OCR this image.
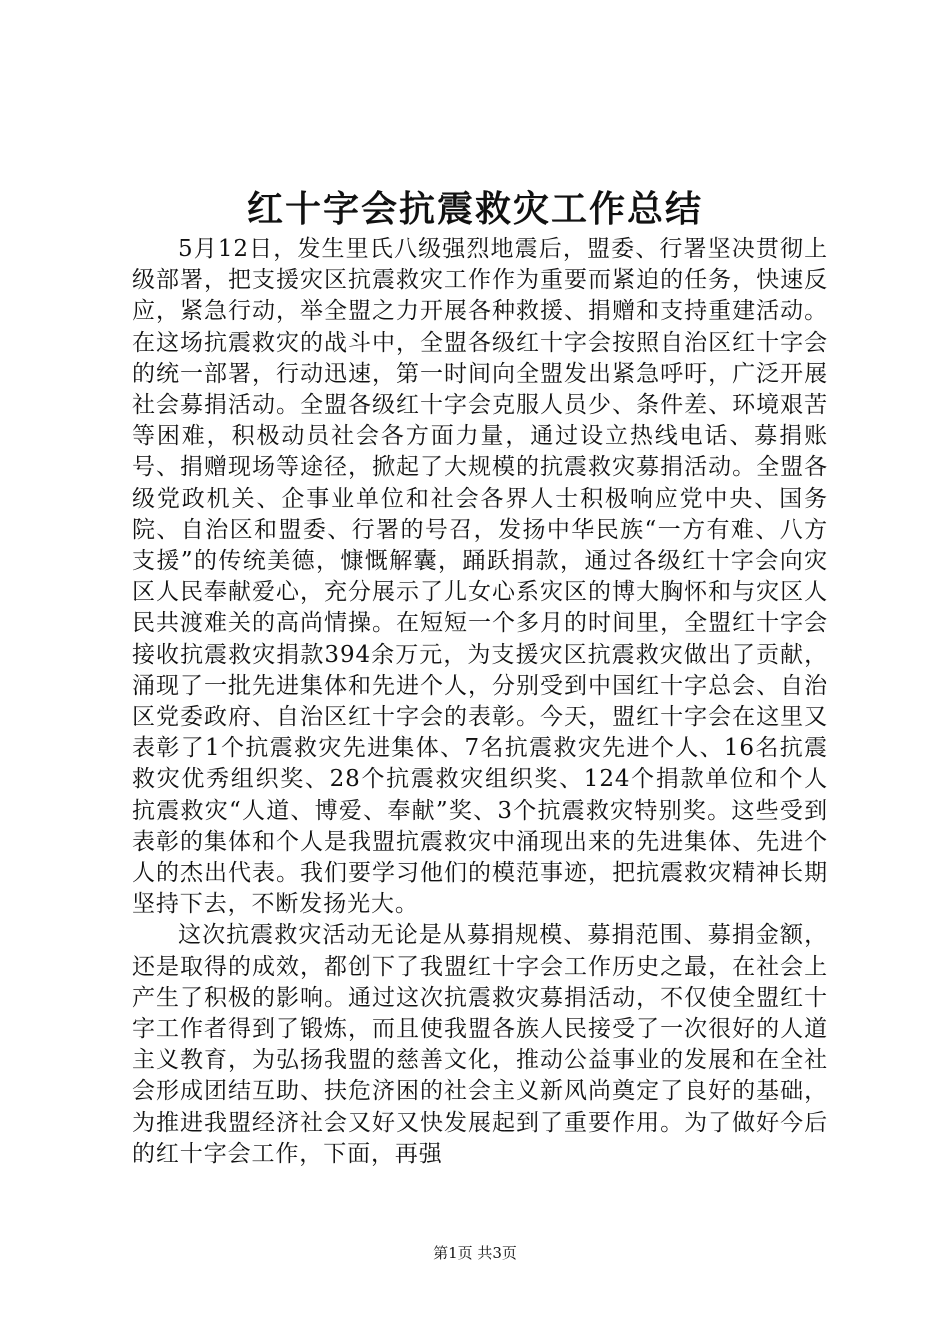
红十字会抗震救灾工作总结

5月12日，发生里氏八级强烈地震后，盟委、行署坚决贯彻上级部署，把支援灾区抗震救灾工作作为重要而紧迫的任务，快速反应，紧急行动，举全盟之力开展各种救援、捐赠和支持重建活动。在这场抗震救灾的战斗中，全盟各级红十字会按照自治区红十字会的统一部署，行动迅速，第一时间向全盟发出紧急呼吁，广泛开展社会募捐活动。全盟各级红十字会克服人员少、条件差、环境艰苦等困难，积极动员社会各方面力量，通过设立热线电话、募捐账号、捐赠现场等途径，掀起了大规模的抗震救灾募捐活动。全盟各级党政机关、企事业单位和社会各界人士积极响应党中央、国务院、自治区和盟委、行署的号召，发扬中华民族“一方有难、八方支援”的传统美德，慷慨解囊，踊跃捐款，通过各级红十字会向灾区人民奉献爱心，充分展示了儿女心系灾区的博大胸怀和与灾区人民共渡难关的高尚情操。在短短一个多月的时间里，全盟红十字会接收抗震救灾捐款394余万元，为支援灾区抗震救灾做出了贡献，涌现了一批先进集体和先进个人，分别受到中国红十字总会、自治区党委政府、自治区红十字会的表彰。今天，盟红十字会在这里又表彰了1个抗震救灾先进集体、7名抗震救灾先进个人、16名抗震救灾优秀组织奖、28个抗震救灾组织奖、124个捐款单位和个人抗震救灾“人道、博爱、奉献”奖、3个抗震救灾特别奖。这些受到表彰的集体和个人是我盟抗震救灾中涌现出来的先进集体、先进个人的杰出代表。我们要学习他们的模范事迹，把抗震救灾精神长期坚持下去，不断发扬光大。

这次抗震救灾活动无论是从募捐规模、募捐范围、募捐金额，还是取得的成效，都创下了我盟红十字会工作历史之最，在社会上产生了积极的影响。通过这次抗震救灾募捐活动，不仅使全盟红十字工作者得到了锻炼，而且使我盟各族人民接受了一次很好的人道主义教育，为弘扬我盟的慈善文化，推动公益事业的发展和在全社会形成团结互助、扶危济困的社会主义新风尚奠定了良好的基础，为推进我盟经济社会又好又快发展起到了重要作用。为了做好今后的红十字会工作，下面，再强

第1页 共3页
